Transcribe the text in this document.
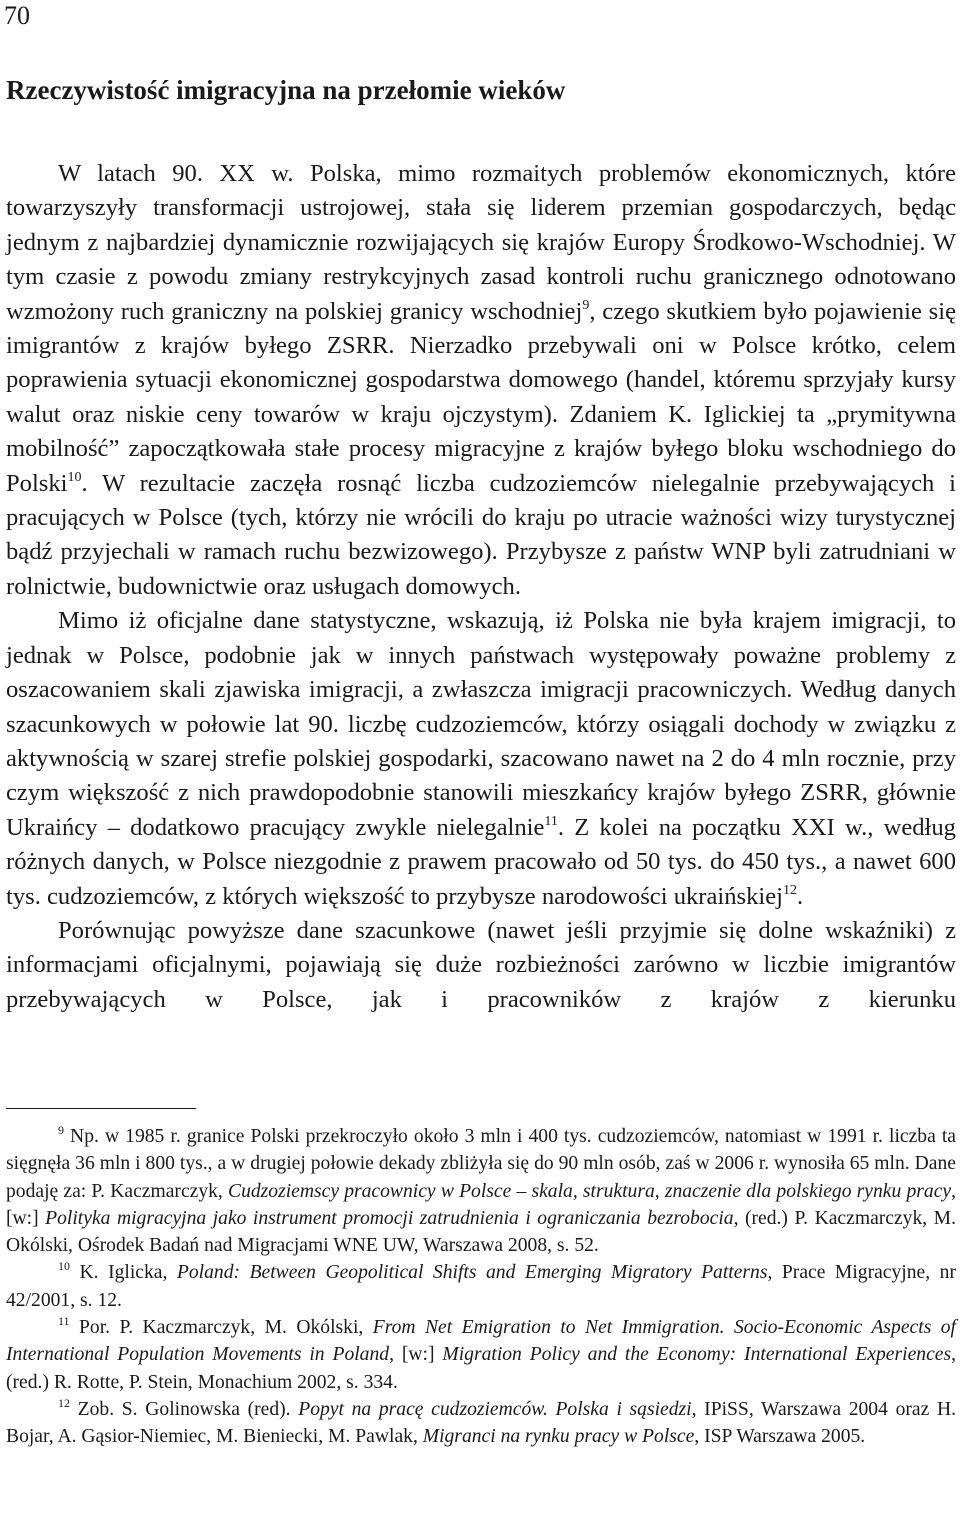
70
Rzeczywistość imigracyjna na przełomie wieków

W latach 90. XX w. Polska, mimo rozmaitych problemów ekonomicznych, które towarzyszyły transformacji ustrojowej, stała się liderem przemian gospodarczych, będąc jednym z najbardziej dynamicznie rozwijających się krajów Europy Środkowo-Wschodniej. W tym czasie z powodu zmiany restrykcyjnych zasad kontroli ruchu granicznego odnotowano wzmożony ruch graniczny na polskiej granicy wschodniej$^9$, czego skutkiem było pojawienie się imigrantów z krajów byłego ZSRR. Nierzadko przebywali oni w Polsce krótko, celem poprawienia sytuacji ekonomicznej gospodarstwa domowego (handel, któremu sprzyjały kursy walut oraz niskie ceny towarów w kraju ojczystym). Zdaniem K. Iglickiej ta „prymitywna mobilność” zapoczątkowała stałe procesy migracyjne z krajów byłego bloku wschodniego do Polski$^{10}$. W rezultacie zaczęła rosnąć liczba cudzoziemców nielegalnie przebywających i pracujących w Polsce (tych, którzy nie wrócili do kraju po utracie ważności wizy turystycznej bądź przyjechali w ramach ruchu bezwizowego). Przybysze z państw WNP byli zatrudniani w rolnictwie, budownictwie oraz usługach domowych.

Mimo iż oficjalne dane statystyczne, wskazują, iż Polska nie była krajem imigracji, to jednak w Polsce, podobnie jak w innych państwach występowały poważne problemy z oszacowaniem skali zjawiska imigracji, a zwłaszcza imigracji pracowniczych. Według danych szacunkowych w połowie lat 90. liczbę cudzoziemców, którzy osiągali dochody w związku z aktywnością w szarej strefie polskiej gospodarki, szacowano nawet na 2 do 4 mln rocznie, przy czym większość z nich prawdopodobnie stanowili mieszkańcy krajów byłego ZSRR, głównie Ukraińcy – dodatkowo pracujący zwykle nielegalnie$^{11}$. Z kolei na początku XXI w., według różnych danych, w Polsce niezgodnie z prawem pracowało od 50 tys. do 450 tys., a nawet 600 tys. cudzoziemców, z których większość to przybysze narodowości ukraińskiej$^{12}$.

Porównując powyższe dane szacunkowe (nawet jeśli przyjmie się dolne wskaźniki) z informacjami oficjalnymi, pojawiają się duże rozbieżności zarówno w liczbie imigrantów przebywających w Polsce, jak i pracowników z krajów z kierunku

$^9$ Np. w 1985 r. granice Polski przekroczyło około 3 mln i 400 tys. cudzoziemców, natomiast w 1991 r. liczba ta sięgnęła 36 mln i 800 tys., a w drugiej połowie dekady zbliżyła się do 90 mln osób, zaś w 2006 r. wynosiła 65 mln. Dane podaję za: P. Kaczmarczyk, Cudzoziemscy pracownicy w Polsce – skala, struktura, znaczenie dla polskiego rynku pracy, [w:] Polityka migracyjna jako instrument promocji zatrudnienia i ograniczania bezrobocia, (red.) P. Kaczmarczyk, M. Okólski, Ośrodek Badań nad Migracjami WNE UW, Warszawa 2008, s. 52.

$^{10}$ K. Iglicka, Poland: Between Geopolitical Shifts and Emerging Migratory Patterns, Prace Migracyjne, nr 42/2001, s. 12.

$^{11}$ Por. P. Kaczmarczyk, M. Okólski, From Net Emigration to Net Immigration. Socio-Economic Aspects of International Population Movements in Poland, [w:] Migration Policy and the Economy: International Experiences, (red.) R. Rotte, P. Stein, Monachium 2002, s. 334.

$^{12}$ Zob. S. Golinowska (red). Popyt na pracę cudzoziemców. Polska i sąsiedzi, IPiSS, Warszawa 2004 oraz H. Bojar, A. Gąsior-Niemiec, M. Bieniecki, M. Pawlak, Migranci na rynku pracy w Polsce, ISP Warszawa 2005.
